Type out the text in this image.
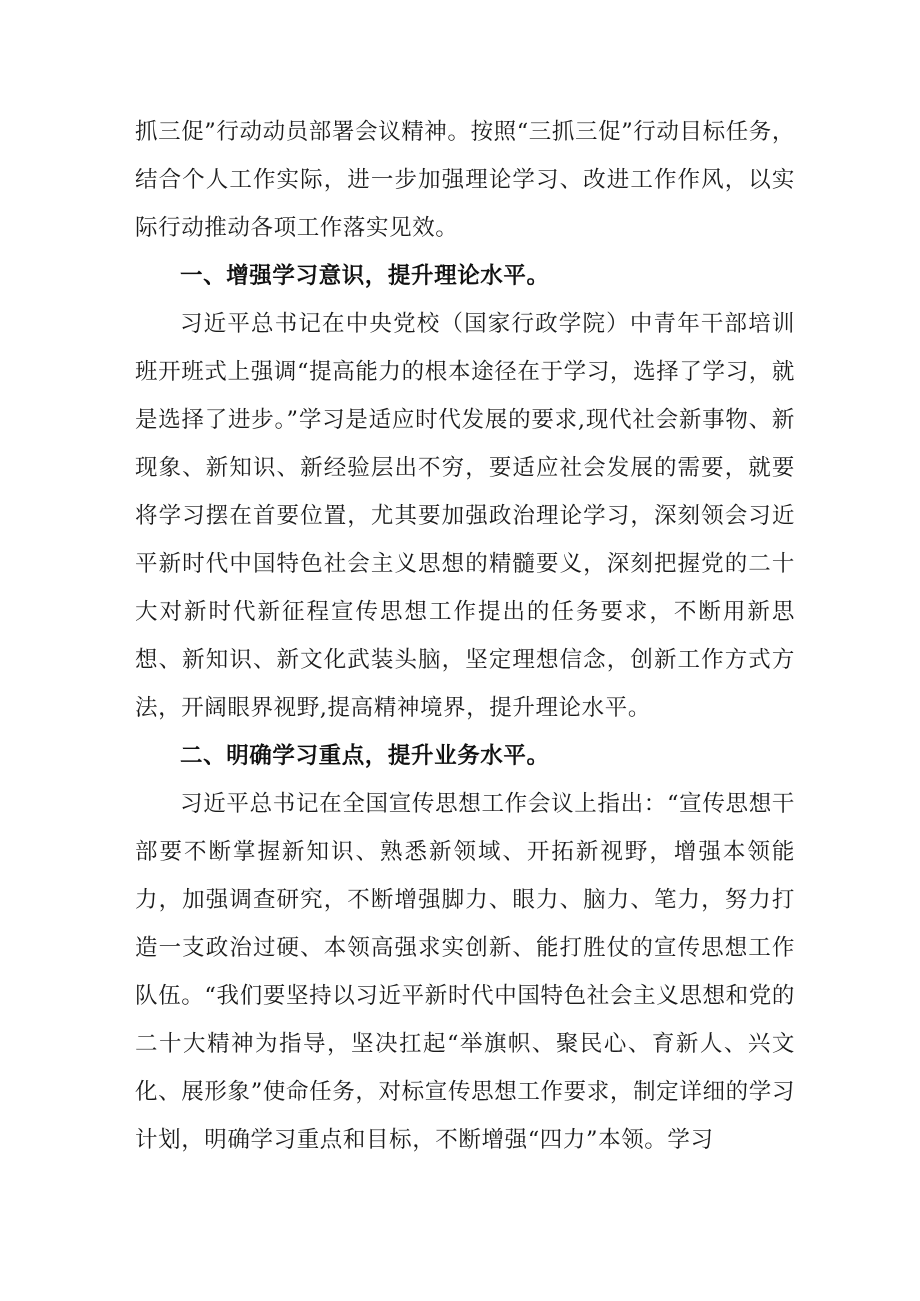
抓三促”行动动员部署会议精神。按照“三抓三促”行动目标任务，结合个人工作实际，进一步加强理论学习、改进工作作风，以实际行动推动各项工作落实见效。

一、增强学习意识，提升理论水平。

习近平总书记在中央党校（国家行政学院）中青年干部培训班开班式上强调“提高能力的根本途径在于学习，选择了学习，就是选择了进步。”学习是适应时代发展的要求,现代社会新事物、新现象、新知识、新经验层出不穷，要适应社会发展的需要，就要将学习摆在首要位置，尤其要加强政治理论学习，深刻领会习近平新时代中国特色社会主义思想的精髓要义，深刻把握党的二十大对新时代新征程宣传思想工作提出的任务要求，不断用新思想、新知识、新文化武装头脑，坚定理想信念，创新工作方式方法，开阔眼界视野,提高精神境界，提升理论水平。

二、明确学习重点，提升业务水平。

习近平总书记在全国宣传思想工作会议上指出：“宣传思想干部要不断掌握新知识、熟悉新领域、开拓新视野，增强本领能力，加强调查研究，不断增强脚力、眼力、脑力、笔力，努力打造一支政治过硬、本领高强求实创新、能打胜仗的宣传思想工作队伍。“我们要坚持以习近平新时代中国特色社会主义思想和党的二十大精神为指导，坚决扛起“举旗帜、聚民心、育新人、兴文化、展形象”使命任务，对标宣传思想工作要求，制定详细的学习计划，明确学习重点和目标，不断增强“四力”本领。学习
